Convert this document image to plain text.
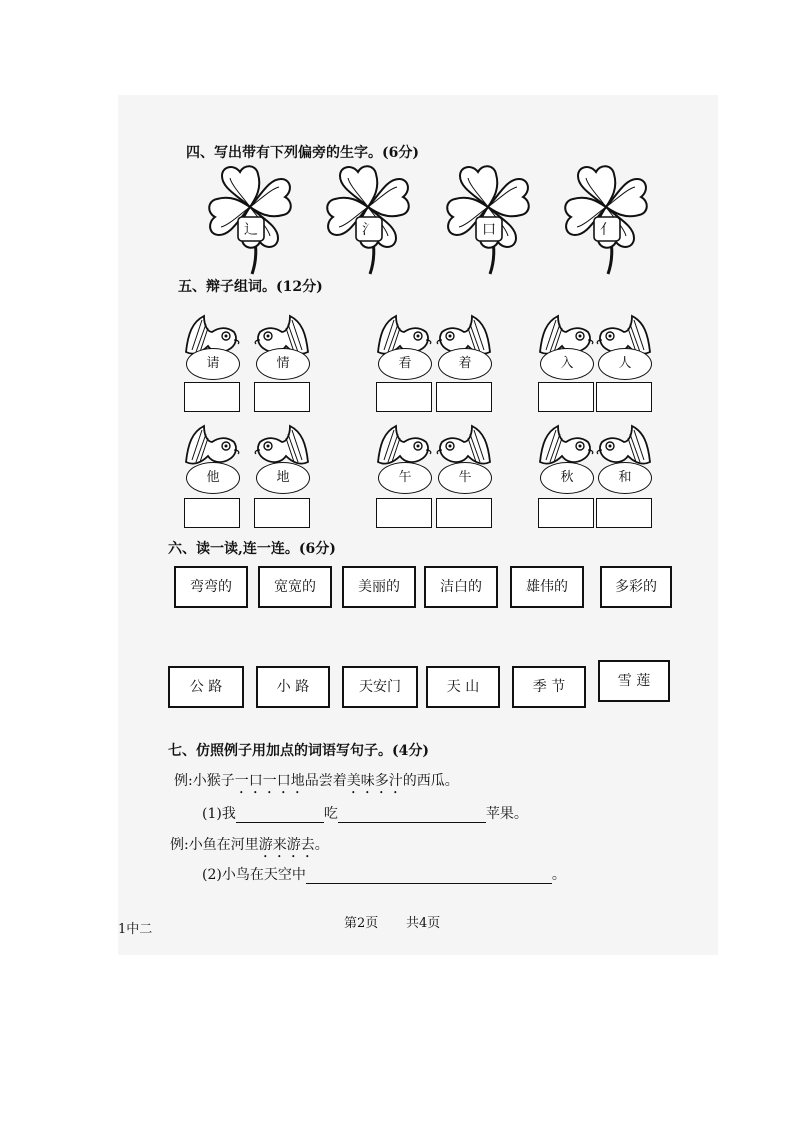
四、写出带有下列偏旁的生字。(6分)
辶	氵	口	亻
五、辩子组词。(12分)
请	情	看	着	入	人
他	地	午	牛	秋	和
六、读一读,连一连。(6分)
弯弯的	宽宽的	美丽的	洁白的	雄伟的	多彩的
公 路	小 路	天安门	天 山	季 节	雪 莲
七、仿照例子用加点的词语写句子。(4分)
例:小猴子一口一口地品尝着美味多汁的西瓜。
(1)我	吃	苹果。
例:小鱼在河里游来游去。
(2)小鸟在天空中	。
1中二	第2页 共4页
